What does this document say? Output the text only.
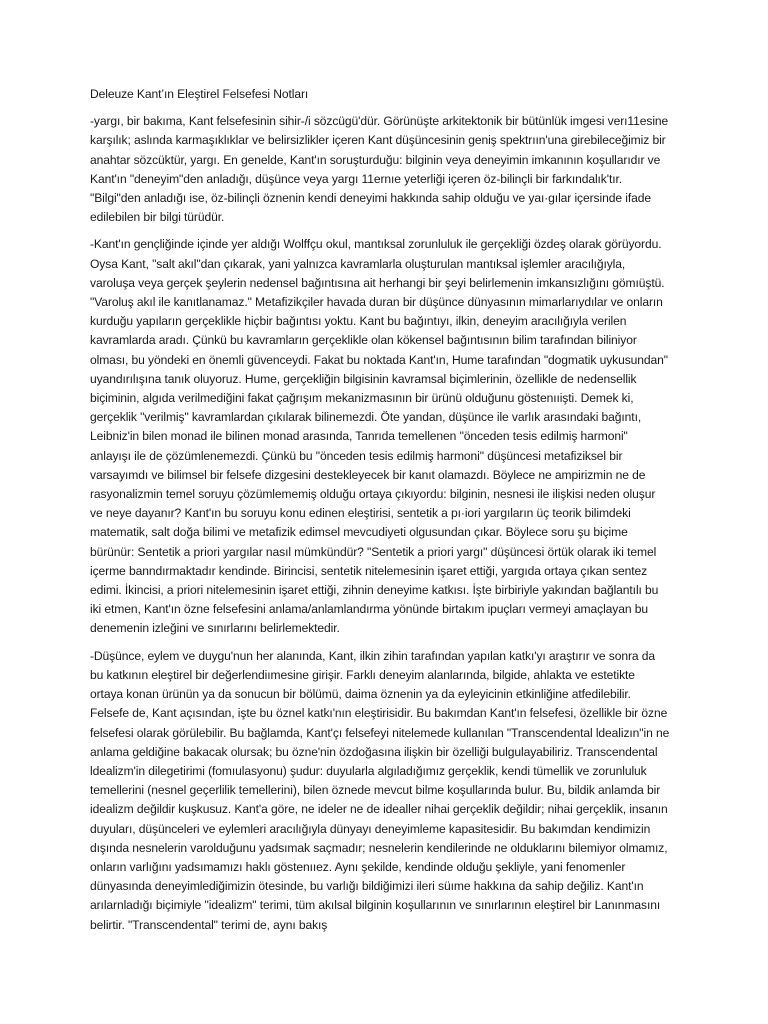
Deleuze Kant’ın Eleştirel Felsefesi Notları

-yargı, bir bakıma, Kant felsefesinin sihir-/i sözcügü'dür. Görünüşte arkitektonik bir bütünlük imgesi verı11esine karşılık; aslında karmaşıklıklar ve belirsizlikler içeren Kant düşüncesinin geniş spektrıın'una girebileceğimiz bir anahtar sözcüktür, yargı. En genelde, Kant'ın soruşturduğu: bilginin veya deneyimin imkanının koşullarıdır ve Kant'ın "deneyim"den anladığı, düşünce veya yargı 11ernıe yeterliği içeren öz-bilinçli bir farkındalık'tır. "Bilgi"den anladığı ise, öz-bilinçli öznenin kendi deneyimi hakkında sahip olduğu ve yaı·gılar içersinde ifade edilebilen bir bilgi türüdür.

-Kant'ın gençliğinde içinde yer aldığı Wolffçu okul, mantıksal zorunluluk ile gerçekliği özdeş olarak görüyordu. Oysa Kant, "salt akıl"dan çıkarak, yani yalnızca kavramlarla oluşturulan mantıksal işlemler aracılığıyla, varoluşa veya gerçek şeylerin nedensel bağıntısına ait herhangi bir şeyi belirlemenin imkansızlığını gömıüştü. "Varoluş akıl ile kanıtlanamaz." Metafizikçiler havada duran bir düşünce dünyasının mimarlarıydılar ve onların kurduğu yapıların gerçeklikle hiçbir bağıntısı yoktu. Kant bu bağıntıyı, ilkin, deneyim aracılığıyla verilen kavramlarda aradı. Çünkü bu kavramların gerçeklikle olan kökensel bağıntısının bilim tarafından biliniyor olması, bu yöndeki en önemli güvenceydi. Fakat bu noktada Kant'ın, Hume tarafından "dogmatik uykusundan" uyandırılışına tanık oluyoruz. Hume, gerçekliğin bilgisinin kavramsal biçimlerinin, özellikle de nedensellik biçiminin, algıda verilmediğini fakat çağrışım mekanizmasının bir ürünü olduğunu göstenııişti. Demek ki, gerçeklik "verilmiş" kavramlardan çıkılarak bilinemezdi. Öte yandan, düşünce ile varlık arasındaki bağıntı, Leibniz'in bilen monad ile bilinen monad arasında, Tanrıda temellenen "önceden tesis edilmiş harmoni" anlayışı ile de çözümlenemezdi. Çünkü bu "önceden tesis edilmiş harmoni" düşüncesi metafiziksel bir varsayımdı ve bilimsel bir felsefe dizgesini destekleyecek bir kanıt olamazdı. Böylece ne ampirizmin ne de rasyonalizmin temel soruyu çözümlememiş olduğu ortaya çıkıyordu: bilginin, nesnesi ile ilişkisi neden oluşur ve neye dayanır? Kant'ın bu soruyu konu edinen eleştirisi, sentetik a pı·iori yargıların üç teorik bilimdeki matematik, salt doğa bilimi ve metafizik edimsel mevcudiyeti olgusundan çıkar. Böylece soru şu biçime bürünür: Sentetik a priori yargılar nasıl mümkündür? "Sentetik a priori yargı" düşüncesi örtük olarak iki temel içerme banndırmaktadır kendinde. Birincisi, sentetik nitelemesinin işaret ettiği, yargıda ortaya çıkan sentez edimi. İkincisi, a priori nitelemesinin işaret ettiği, zihnin deneyime katkısı. İşte birbiriyle yakından bağlantılı bu iki etmen, Kant'ın özne felsefesini anlama/anlamlandırma yönünde birtakım ipuçları vermeyi amaçlayan bu denemenin izleğini ve sınırlarını belirlemektedir.

-Düşünce, eylem ve duygu'nun her alanında, Kant, ilkin zihin tarafından yapılan katkı'yı araştırır ve sonra da bu katkının eleştirel bir değerlendiımesine girişir. Farklı deneyim alanlarında, bilgide, ahlakta ve estetikte ortaya konan ürünün ya da sonucun bir bölümü, daima öznenin ya da eyleyicinin etkinliğine atfedilebilir. Felsefe de, Kant açısından, işte bu öznel katkı'nın eleştirisidir. Bu bakımdan Kant'ın felsefesi, özellikle bir özne felsefesi olarak görülebilir. Bu bağlamda, Kant'çı felsefeyi nitelemede kullanılan "Transcendental ldealizın"in ne anlama geldiğine bakacak olursak; bu özne'nin özdoğasına ilişkin bir özelliği bulgulayabiliriz. Transcendental ldealizm'in dilegetirimi (fomıulasyonu) şudur: duyularla algıladığımız gerçeklik, kendi tümellik ve zorunluluk temellerini (nesnel geçerlilik temellerini), bilen öznede mevcut bilme koşullarında bulur. Bu, bildik anlamda bir idealizm değildir kuşkusuz. Kant'a göre, ne ideler ne de idealler nihai gerçeklik değildir; nihai gerçeklik, insanın duyuları, düşünceleri ve eylemleri aracılığıyla dünyayı deneyimleme kapasitesidir. Bu bakımdan kendimizin dışında nesnelerin varolduğunu yadsımak saçmadır; nesnelerin kendilerinde ne olduklarını bilemiyor olmamız, onların varlığını yadsımamızı haklı göstenııez. Aynı şekilde, kendinde olduğu şekliyle, yani fenomenler dünyasında deneyimlediğimizin ötesinde, bu varlığı bildiğimizi ileri süıme hakkına da sahip değiliz. Kant'ın arılarnladığı biçimiyle "idealizm" terimi, tüm akılsal bilginin koşullarının ve sınırlarının eleştirel bir Lanınmasını belirtir. "Transcendental" terimi de, aynı bakış
